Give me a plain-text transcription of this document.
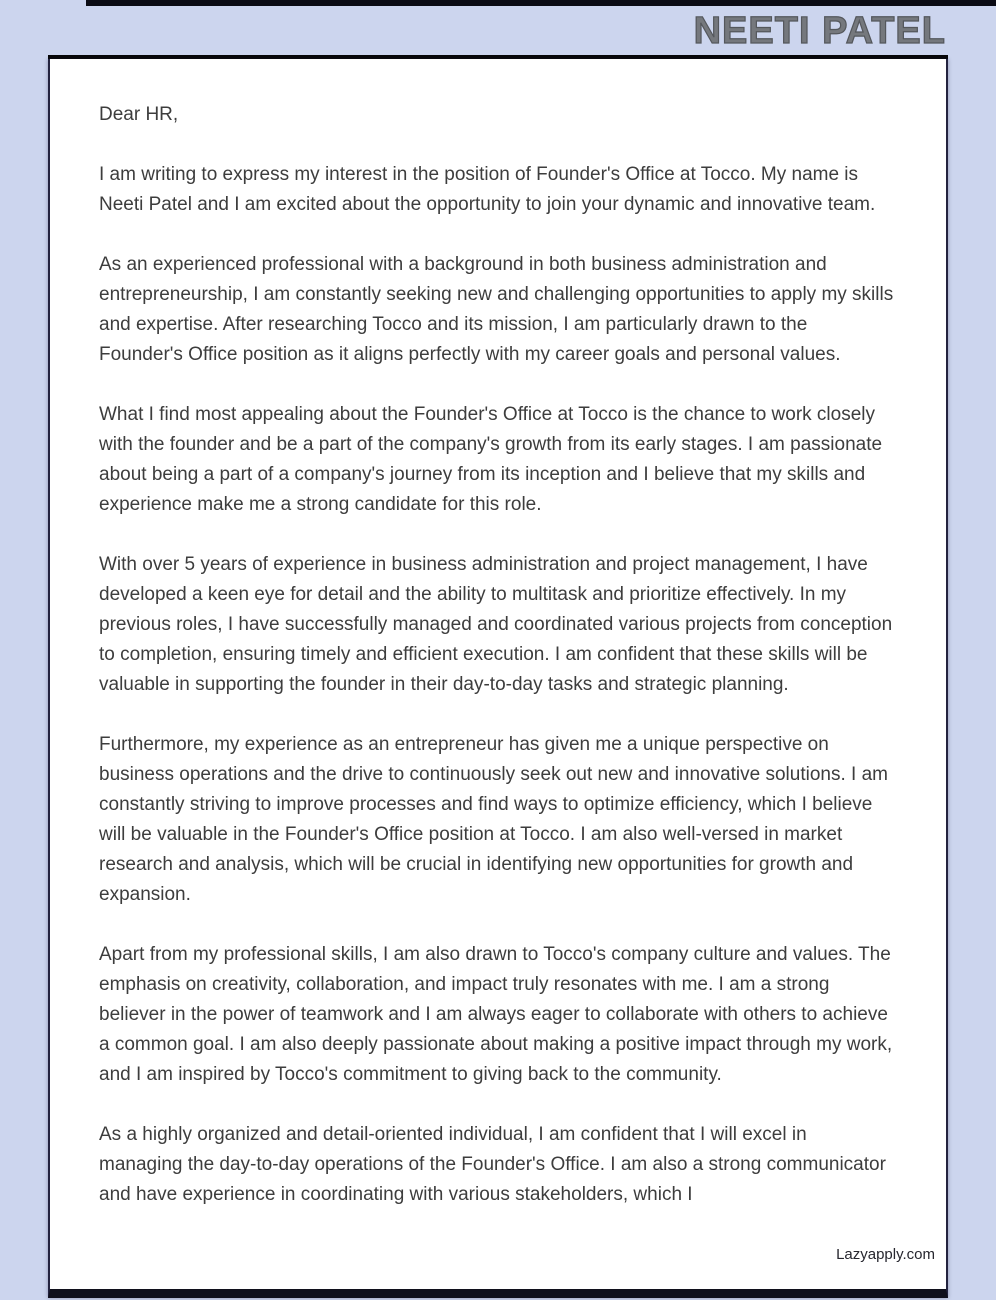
NEETI PATEL

Dear HR,

I am writing to express my interest in the position of Founder's Office at Tocco. My name is Neeti Patel and I am excited about the opportunity to join your dynamic and innovative team.

As an experienced professional with a background in both business administration and entrepreneurship, I am constantly seeking new and challenging opportunities to apply my skills and expertise. After researching Tocco and its mission, I am particularly drawn to the Founder's Office position as it aligns perfectly with my career goals and personal values.

What I find most appealing about the Founder's Office at Tocco is the chance to work closely with the founder and be a part of the company's growth from its early stages. I am passionate about being a part of a company's journey from its inception and I believe that my skills and experience make me a strong candidate for this role.

With over 5 years of experience in business administration and project management, I have developed a keen eye for detail and the ability to multitask and prioritize effectively. In my previous roles, I have successfully managed and coordinated various projects from conception to completion, ensuring timely and efficient execution. I am confident that these skills will be valuable in supporting the founder in their day-to-day tasks and strategic planning.

Furthermore, my experience as an entrepreneur has given me a unique perspective on business operations and the drive to continuously seek out new and innovative solutions. I am constantly striving to improve processes and find ways to optimize efficiency, which I believe will be valuable in the Founder's Office position at Tocco. I am also well-versed in market research and analysis, which will be crucial in identifying new opportunities for growth and expansion.

Apart from my professional skills, I am also drawn to Tocco's company culture and values. The emphasis on creativity, collaboration, and impact truly resonates with me. I am a strong believer in the power of teamwork and I am always eager to collaborate with others to achieve a common goal. I am also deeply passionate about making a positive impact through my work, and I am inspired by Tocco's commitment to giving back to the community.

As a highly organized and detail-oriented individual, I am confident that I will excel in managing the day-to-day operations of the Founder's Office. I am also a strong communicator and have experience in coordinating with various stakeholders, which I

Lazyapply.com
